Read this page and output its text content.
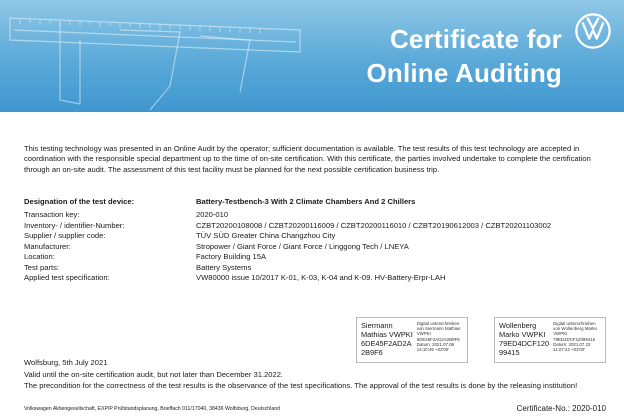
Certificate for
Online Auditing
This testing technology was presented in an Online Audit by the operator; sufficient documentation is available. The test results of this test technology are accepted in coordination with the responsible special department up to the time of on-site certification. With this certificate, the parties involved undertake to complete the certification through an on-site audit. The assessment of this test facility must be planned for the next possible certification business trip.
Designation of the test device:	Battery-Testbench-3 With 2 Climate Chambers And 2 Chillers
Transaction key:	2020-010
Inventory- / identifier-Number:	CZBT20200108008 / CZBT20200116009 / CZBT20200116010 / CZBT20190612003 / CZBT20201103002
Supplier / supplier code:	TÜV SÜD Greater China Changzhou City
Manufacturer:	Stropower / Giant Force / Giant Force / Linggong Tech / LNEYA
Location:	Factory Building 15A
Test parts:	Battery Systems
Applied test specification:	VW80000 issue 10/2017 K-01, K-03, K-04 and K-09. HV-Battery-Erpr-LAH
Siermann
Mathias VWPKI
6DE45F2AD2A
2B9F6
Digital unterschrieben
von Siermann Mathias
VWPKI
6DE45F2AD2A2B9F6
Datum: 2021.07.06
14:10:49 +02'00'
Wollenberg
Marko VWPKI
79ED4DCF120
99415
Digital unterschrieben
von Wollenberg Marko
VWPKI
79ED4DCF12099415
Datum: 2021.07.22
11:07:42 +02'00'
Wolfsburg, 5th July 2021
Valid until the on-site certification audit, but not later than December 31.2022.
The precondition for the correctness of the test results is the observance of the test specifications. The approval of the test results is done by the releasing institution!
Volkswagen Aktiengesellschaft, EXP/P Prüfstandsplanung, Brieffach 011/17040, 38436 Wolfsburg, Deutschland	Certificate-No.: 2020-010
